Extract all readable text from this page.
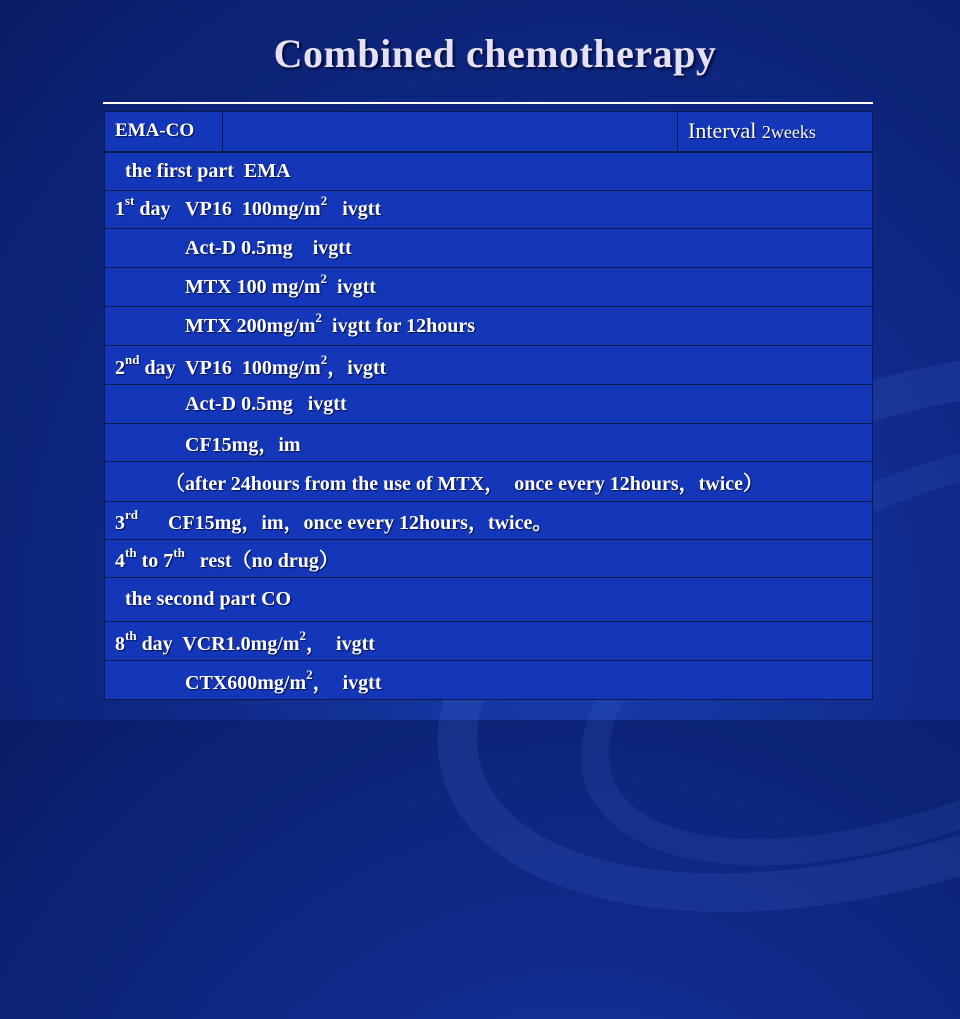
Combined chemotherapy
EMA-CO		Interval 2weeks
the first part  EMA
1st day   VP16  $100mg/m^2$   ivgtt
Act-D 0.5mg    ivgtt
MTX 100 $mg/m^2$  ivgtt
MTX $200mg/m^2$  ivgtt for 12hours
2nd day  VP16  $100mg/m^2$，ivgtt
Act-D 0.5mg   ivgtt
CF15mg，im
（after 24hours from the use of MTX，  once every 12hours，twice）
3rd      CF15mg，im，once every 12hours，twice。
4th to 7th   rest（no drug）
the second part CO
8th day  $VCR1.0mg/m^2$，  ivgtt
$CTX600mg/m^2$，  ivgtt
